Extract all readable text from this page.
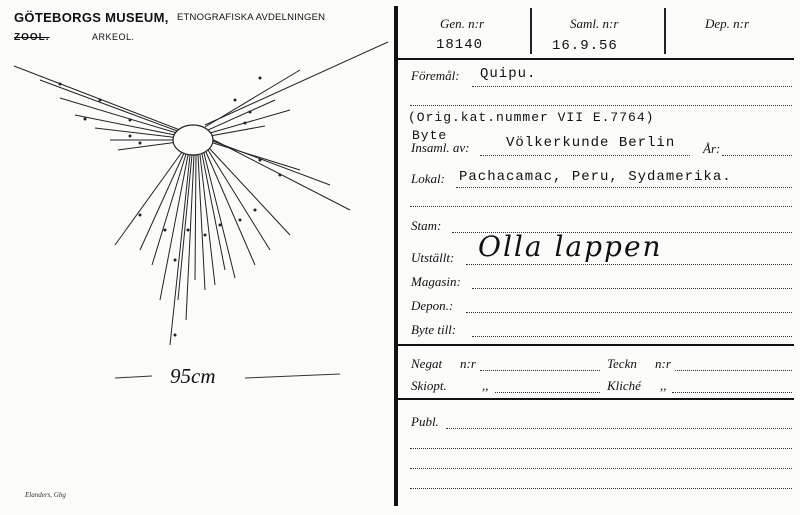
GÖTEBORGS MUSEUM, ETNOGRAFISKA AVDELNINGEN
ZOOL.	ARKEOL.
95cm
Elanders, Gbg
Gen. n:r	Saml. n:r	Dep. n:r
18140	16.9.56
Föremål: Quipu.
(Orig.kat.nummer VII E.7764)
Byte
Insaml. av:	Völkerkunde Berlin År:
Lokal: Pachacamac, Peru, Sydamerika.
Stam:
Utställt: Olla lappen
Magasin:
Depon.:
Byte till:
Negat n:r	Teckn n:r
Skiopt.	,,	Kliché ,,
Publ.
